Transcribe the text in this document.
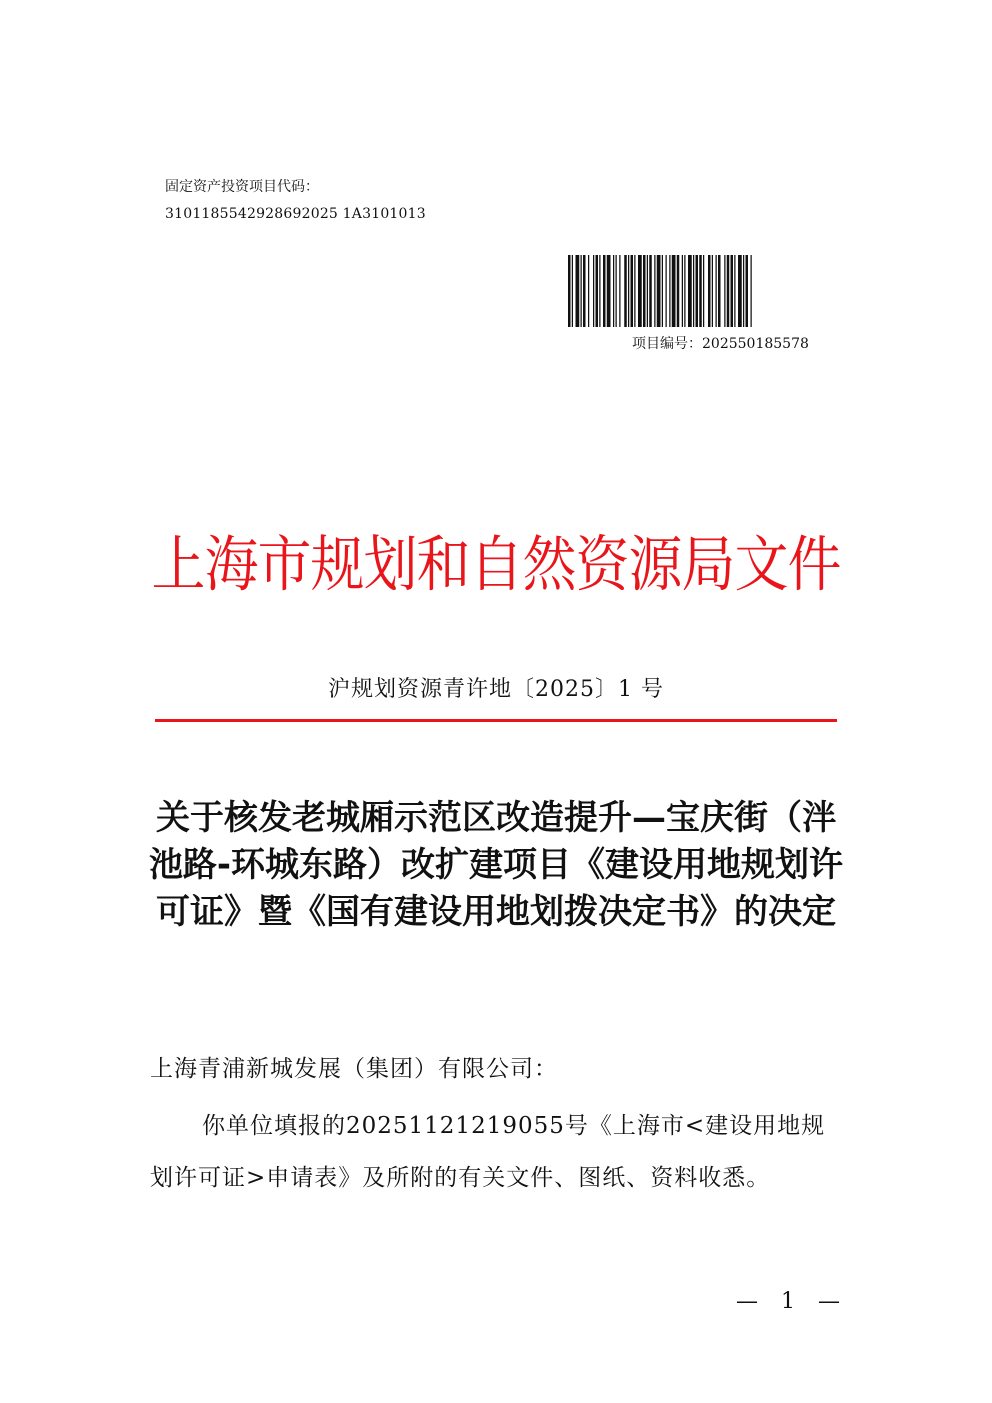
固定资产投资项目代码：
3101185542928692025 1A3101013
项目编号：202550185578
上海市规划和自然资源局文件
沪规划资源青许地〔2025〕1 号
关于核发老城厢示范区改造提升—宝庆街（泮池路-环城东路）改扩建项目《建设用地规划许可证》暨《国有建设用地划拨决定书》的决定
上海青浦新城发展（集团）有限公司：
你单位填报的20251121219055号《上海市<建设用地规划许可证>申请表》及所附的有关文件、图纸、资料收悉。
— 1 —
